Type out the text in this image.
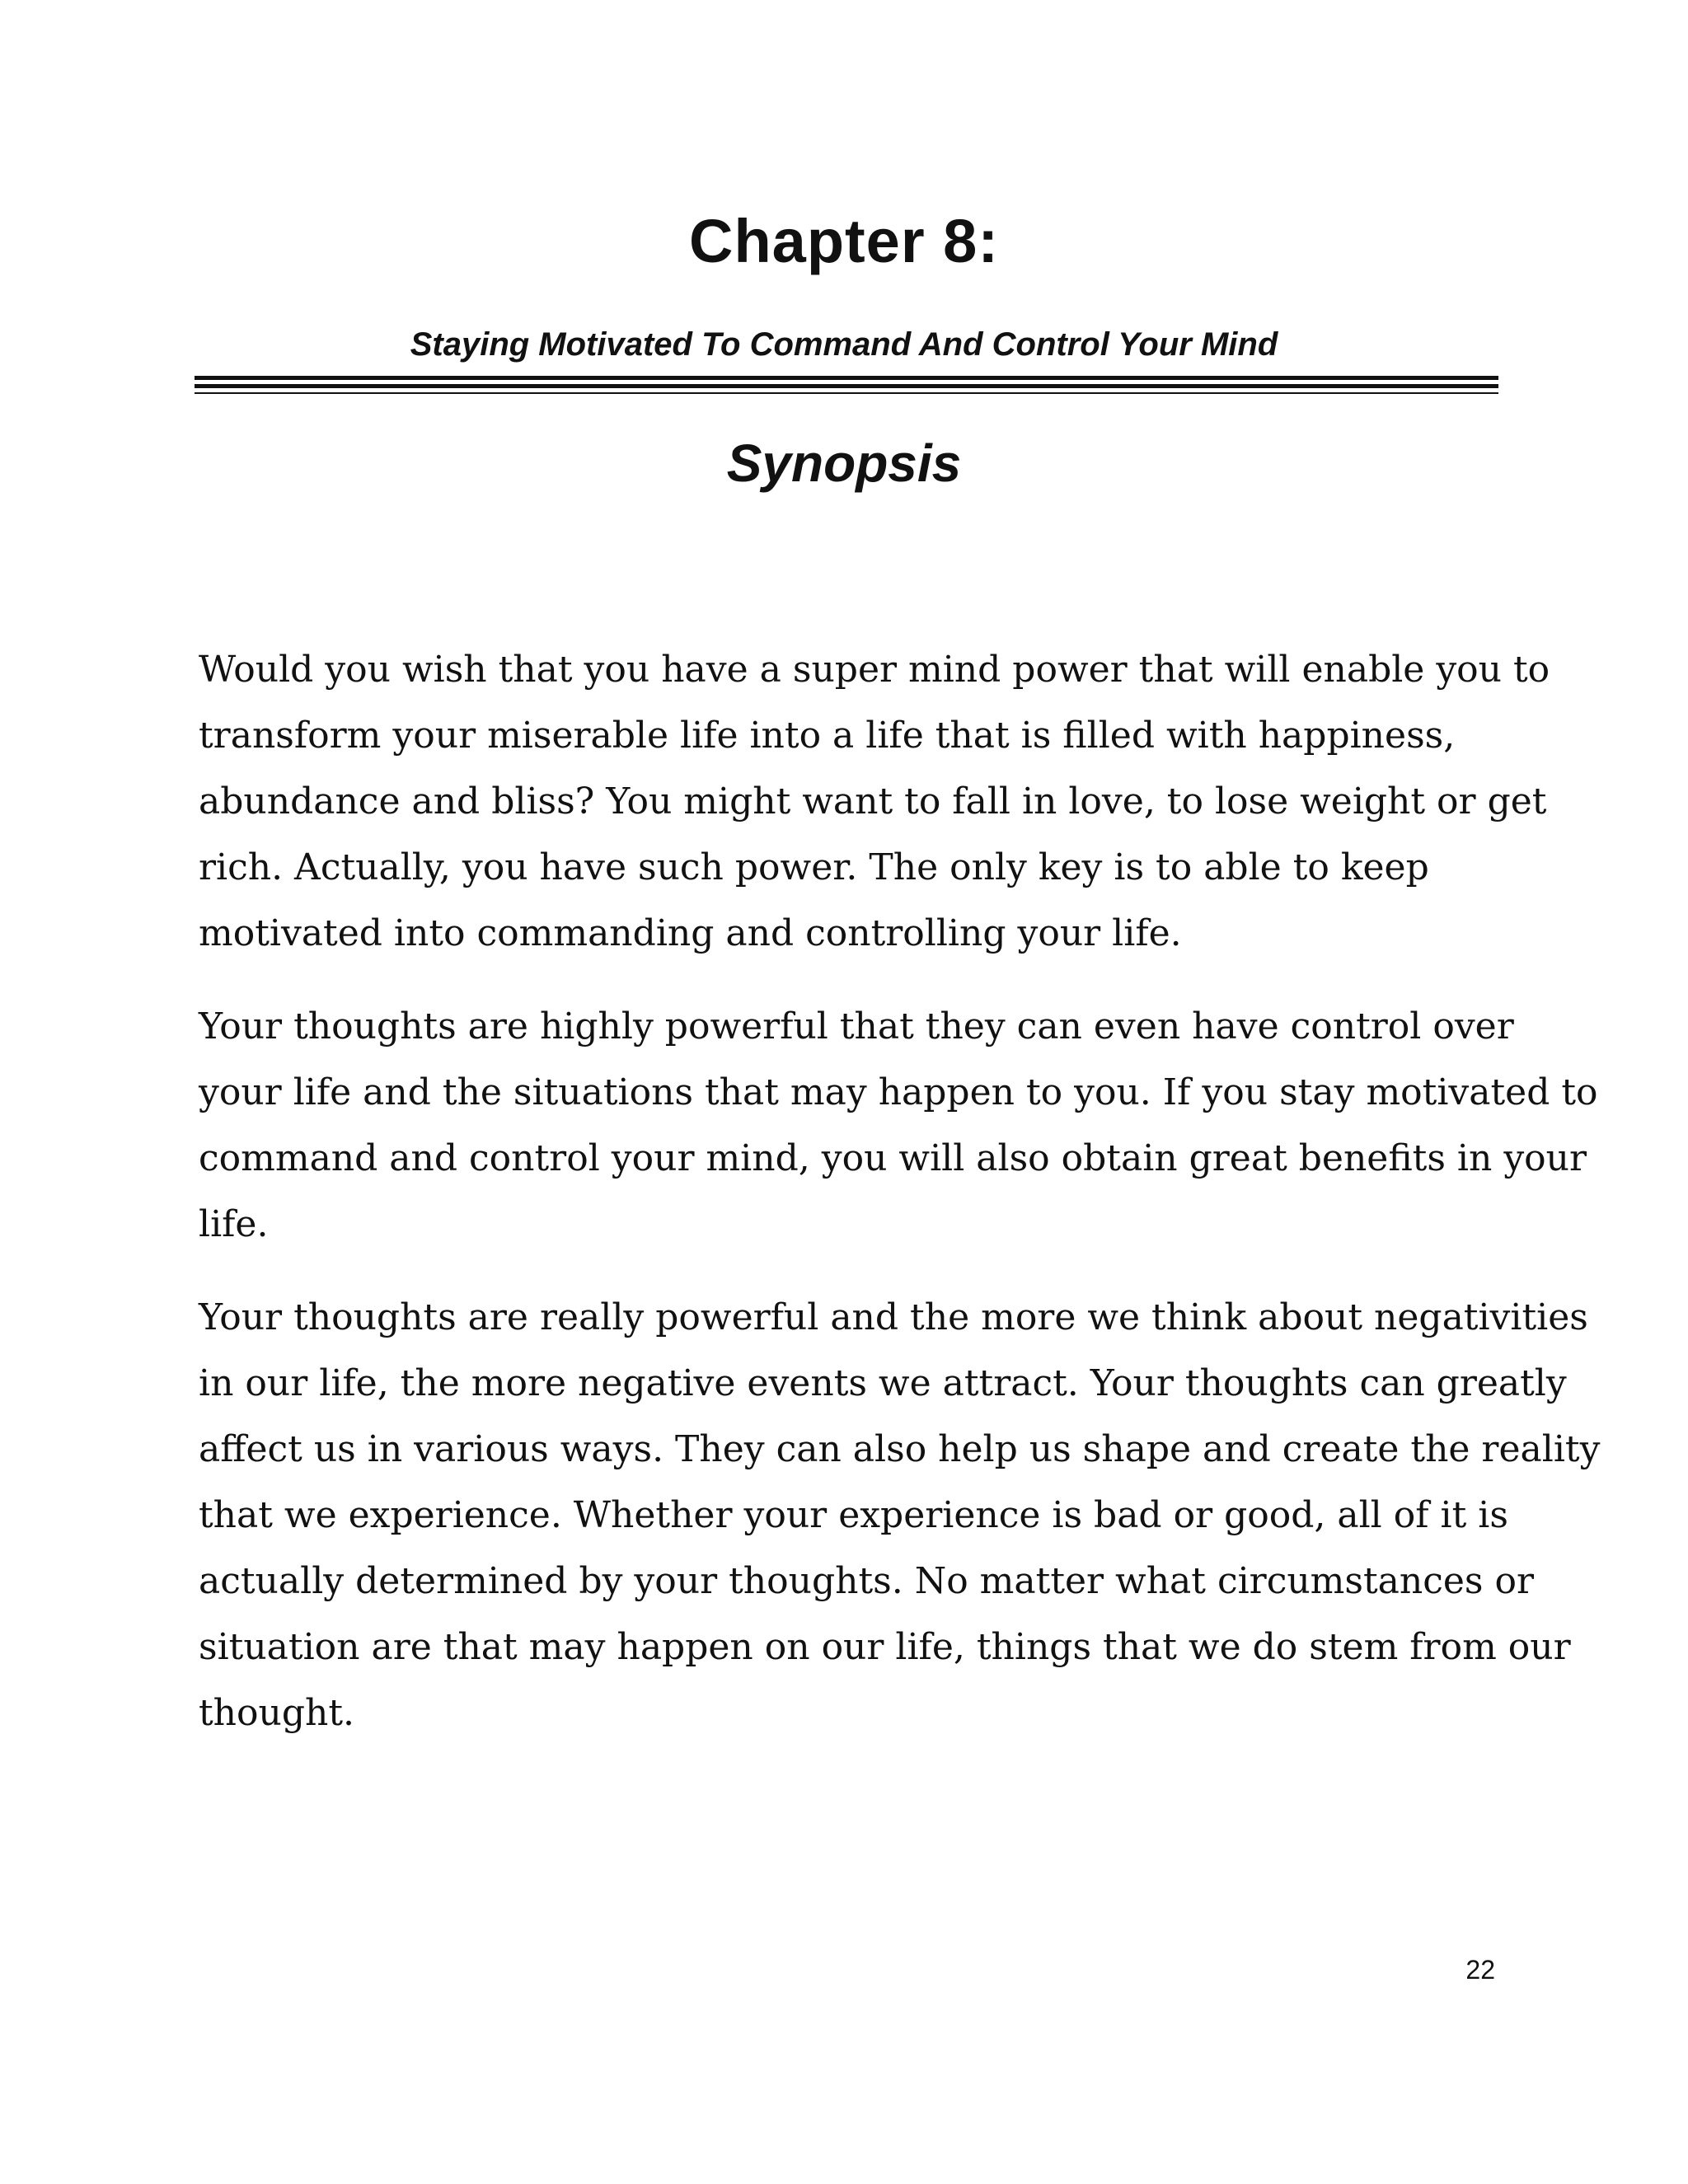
Chapter 8:
Staying Motivated To Command And Control Your Mind
Synopsis

Would you wish that you have a super mind power that will enable you to
transform your miserable life into a life that is filled with happiness,
abundance and bliss? You might want to fall in love, to lose weight or get
rich. Actually, you have such power. The only key is to able to keep
motivated into commanding and controlling your life.

Your thoughts are highly powerful that they can even have control over
your life and the situations that may happen to you. If you stay motivated to
command and control your mind, you will also obtain great benefits in your
life.

Your thoughts are really powerful and the more we think about negativities
in our life, the more negative events we attract. Your thoughts can greatly
affect us in various ways. They can also help us shape and create the reality
that we experience. Whether your experience is bad or good, all of it is
actually determined by your thoughts. No matter what circumstances or
situation are that may happen on our life, things that we do stem from our
thought.

22
